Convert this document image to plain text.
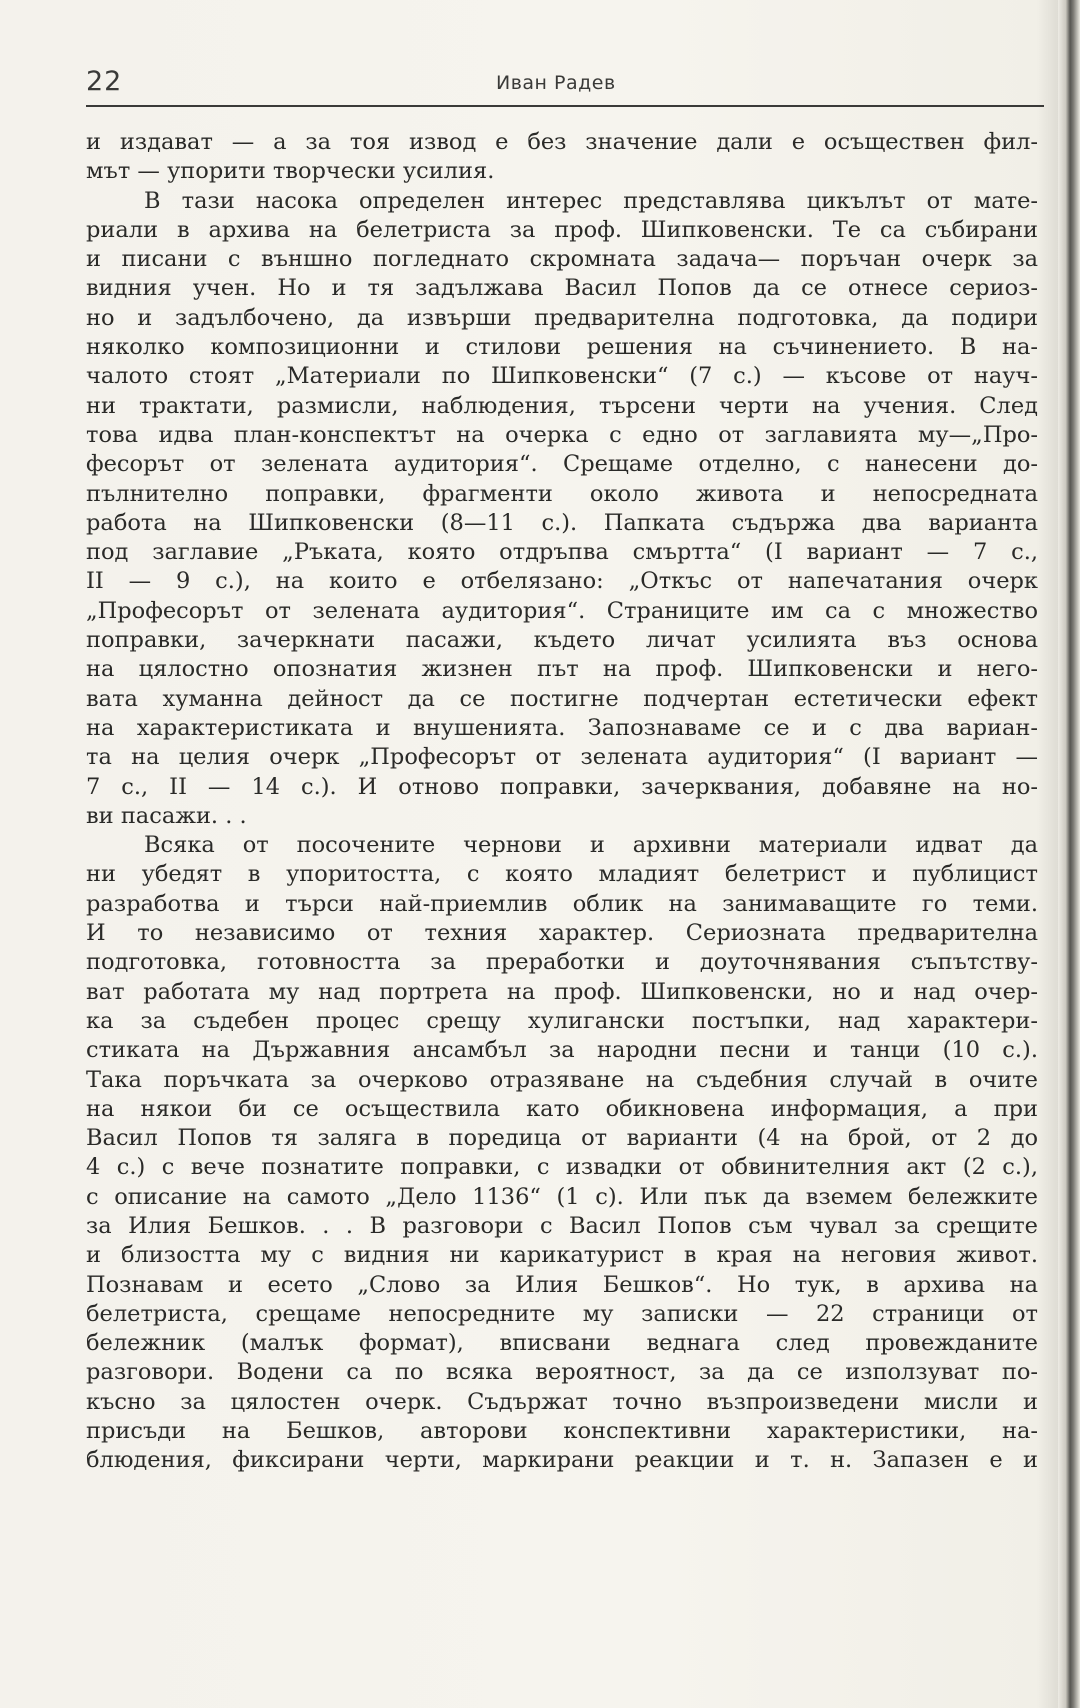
22	Иван Радев
и издават — а за тоя извод е без значение дали е осъществен фил-
мът — упорити творчески усилия.
В тази насока определен интерес представлява цикълът от мате-
риали в архива на белетриста за проф. Шипковенски. Те са събирани
и писани с външно погледнато скромната задача— поръчан очерк за
видния учен. Но и тя задължава Васил Попов да се отнесе сериоз-
но и задълбочено, да извърши предварителна подготовка, да подири
няколко композиционни и стилови решения на съчинението. В на-
чалото стоят „Материали по Шипковенски“ (7 с.) — късове от науч-
ни трактати, размисли, наблюдения, търсени черти на учения. След
това идва план-конспектът на очерка с едно от заглавията му—„Про-
фесорът от зелената аудитория“. Срещаме отделно, с нанесени до-
пълнително поправки, фрагменти около живота и непосредната
работа на Шипковенски (8—11 с.). Папката съдържа два варианта
под заглавие „Ръката, която отдръпва смъртта“ (I вариант — 7 с.,
II — 9 с.), на които е отбелязано: „Откъс от напечатания очерк
„Професорът от зелената аудитория“. Страниците им са с множество
поправки, зачеркнати пасажи, където личат усилията въз основа
на цялостно опознатия жизнен път на проф. Шипковенски и него-
вата хуманна дейност да се постигне подчертан естетически ефект
на характеристиката и внушенията. Запознаваме се и с два вариан-
та на целия очерк „Професорът от зелената аудитория“ (I вариант —
7 с., II — 14 с.). И отново поправки, зачерквания, добавяне на но-
ви пасажи. . .
Всяка от посочените чернови и архивни материали идват да
ни убедят в упоритостта, с която младият белетрист и публицист
разработва и търси най-приемлив облик на занимаващите го теми.
И то независимо от техния характер. Сериозната предварителна
подготовка, готовността за преработки и доуточнявания съпътству-
ват работата му над портрета на проф. Шипковенски, но и над очер-
ка за съдебен процес срещу хулигански постъпки, над характери-
стиката на Държавния ансамбъл за народни песни и танци (10 с.).
Така поръчката за очерково отразяване на съдебния случай в очите
на някои би се осъществила като обикновена информация, а при
Васил Попов тя заляга в поредица от варианти (4 на брой, от 2 до
4 с.) с вече познатите поправки, с извадки от обвинителния акт (2 с.),
с описание на самото „Дело 1136“ (1 с). Или пък да вземем бележките
за Илия Бешков. . . В разговори с Васил Попов съм чувал за срещите
и близостта му с видния ни карикатурист в края на неговия живот.
Познавам и есето „Слово за Илия Бешков“. Но тук, в архива на
белетриста, срещаме непосредните му записки — 22 страници от
бележник (малък формат), вписвани веднага след провежданите
разговори. Водени са по всяка вероятност, за да се използуват по-
късно за цялостен очерк. Съдържат точно възпроизведени мисли и
присъди на Бешков, авторови конспективни характеристики, на-
блюдения, фиксирани черти, маркирани реакции и т. н. Запазен е и
